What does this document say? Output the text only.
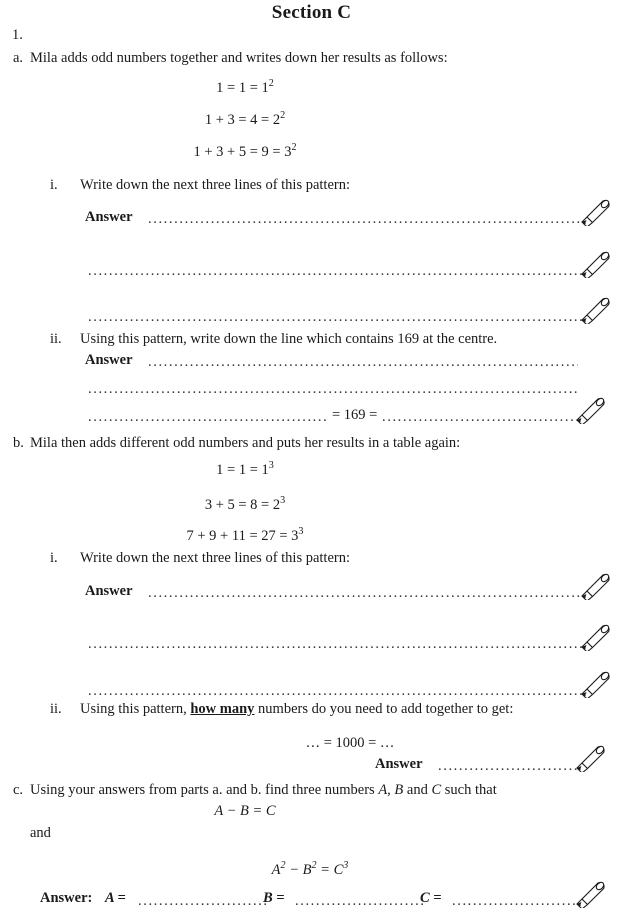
Section C
1.
a. Mila adds odd numbers together and writes down her results as follows:
$1 = 1 = 1^2$
$1 + 3 = 4 = 2^2$
$1 + 3 + 5 = 9 = 3^2$
i. Write down the next three lines of this pattern:
Answer
.....
.....
.....
ii. Using this pattern, write down the line which contains 169 at the centre.
Answer
.....
.....
.....
= 169 =
.....
b. Mila then adds different odd numbers and puts her results in a table again:
$1 = 1 = 1^3$
$3 + 5 = 8 = 2^3$
$7 + 9 + 11 = 27 = 3^3$
i. Write down the next three lines of this pattern:
Answer
.....
.....
.....
ii. Using this pattern, how many numbers do you need to add together to get:
… = 1000 = …
Answer
.....
c. Using your answers from parts a. and b. find three numbers A, B and C such that
A − B = C
and
$A^2 - B^2 = C^3$
Answer: A = .....	B = .....	C =
.....
